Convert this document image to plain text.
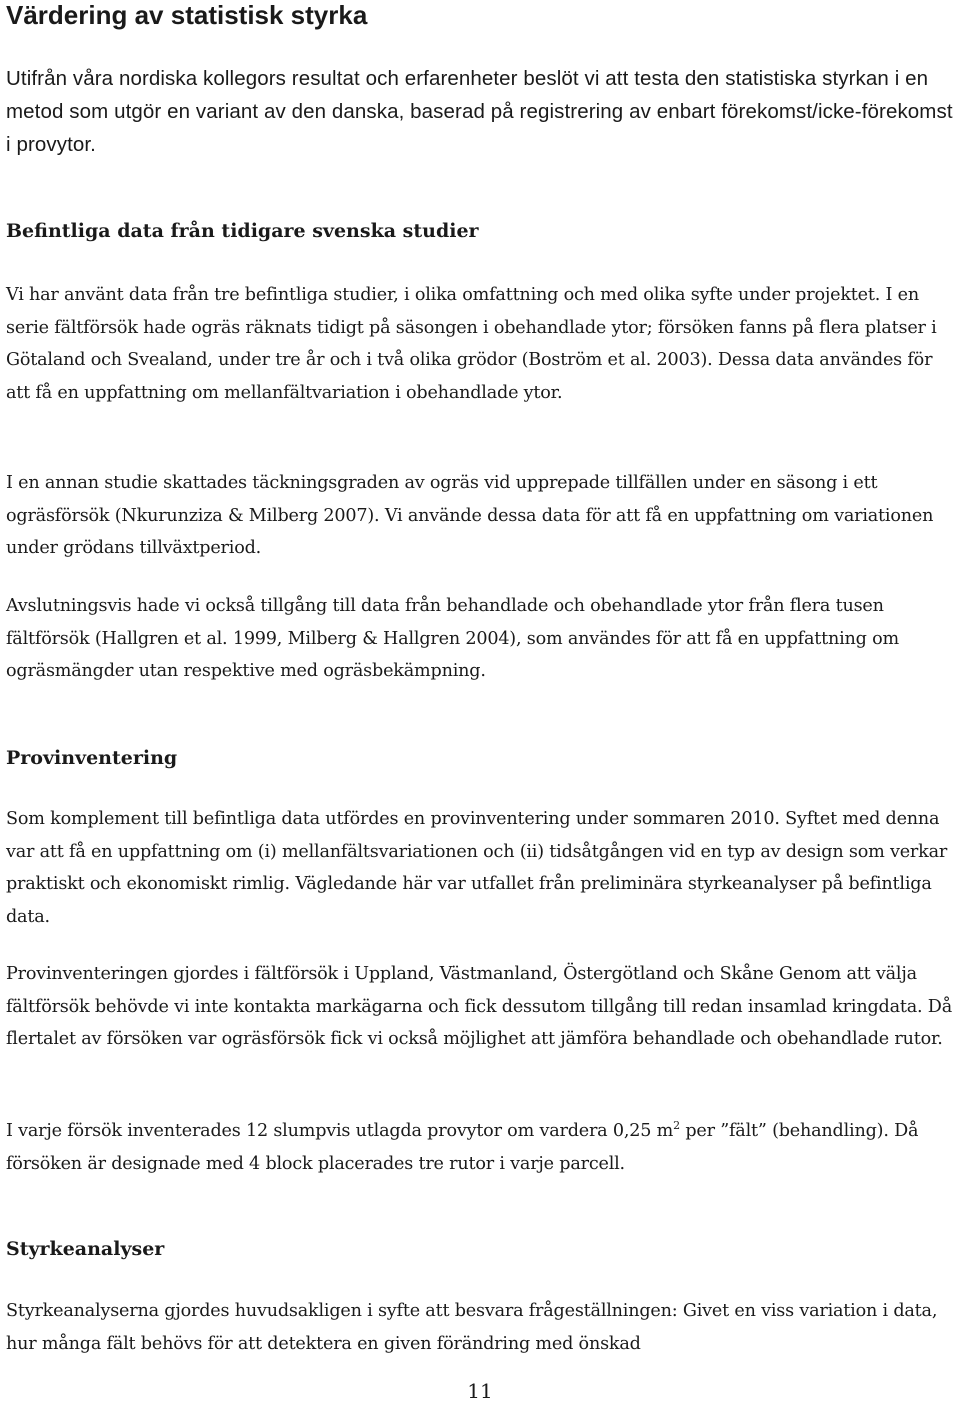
Värdering av statistisk styrka

Utifrån våra nordiska kollegors resultat och erfarenheter beslöt vi att testa den statistiska styrkan i en metod som utgör en variant av den danska, baserad på registrering av enbart förekomst/icke-förekomst i provytor.

Befintliga data från tidigare svenska studier

Vi har använt data från tre befintliga studier, i olika omfattning och med olika syfte under projektet. I en serie fältförsök hade ogräs räknats tidigt på säsongen i obehandlade ytor; försöken fanns på flera platser i Götaland och Svealand, under tre år och i två olika grödor (Boström et al. 2003). Dessa data användes för att få en uppfattning om mellanfältvariation i obehandlade ytor.

I en annan studie skattades täckningsgraden av ogräs vid upprepade tillfällen under en säsong i ett ogräsförsök (Nkurunziza & Milberg 2007). Vi använde dessa data för att få en uppfattning om variationen under grödans tillväxtperiod.

Avslutningsvis hade vi också tillgång till data från behandlade och obehandlade ytor från flera tusen fältförsök (Hallgren et al. 1999, Milberg & Hallgren 2004), som användes för att få en uppfattning om ogräsmängder utan respektive med ogräsbekämpning.

Provinventering

Som komplement till befintliga data utfördes en provinventering under sommaren 2010. Syftet med denna var att få en uppfattning om (i) mellanfältsvariationen och (ii) tidsåtgången vid en typ av design som verkar praktiskt och ekonomiskt rimlig. Vägledande här var utfallet från preliminära styrkeanalyser på befintliga data.

Provinventeringen gjordes i fältförsök i Uppland, Västmanland, Östergötland och Skåne Genom att välja fältförsök behövde vi inte kontakta markägarna och fick dessutom tillgång till redan insamlad kringdata. Då flertalet av försöken var ogräsförsök fick vi också möjlighet att jämföra behandlade och obehandlade rutor.

I varje försök inventerades 12 slumpvis utlagda provytor om vardera 0,25 $m^2$ per ”fält” (behandling). Då försöken är designade med 4 block placerades tre rutor i varje parcell.

Styrkeanalyser

Styrkeanalyserna gjordes huvudsakligen i syfte att besvara frågeställningen: Givet en viss variation i data, hur många fält behövs för att detektera en given förändring med önskad

11
